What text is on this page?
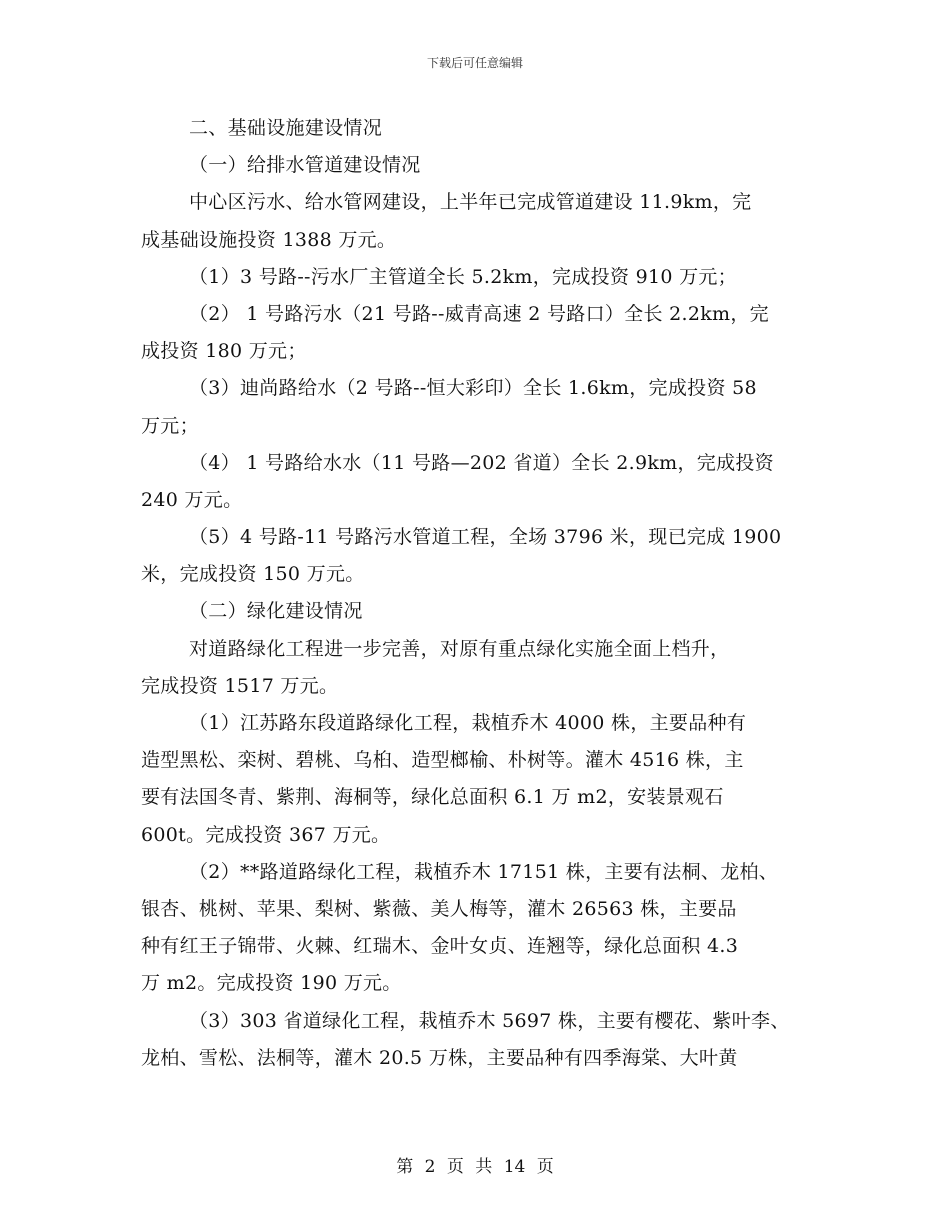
下载后可任意编辑
二、基础设施建设情况
（一）给排水管道建设情况
中心区污水、给水管网建设，上半年已完成管道建设 11.9km，完
成基础设施投资 1388 万元。
（1）3 号路--污水厂主管道全长 5.2km，完成投资 910 万元；
（2） 1 号路污水（21 号路--威青高速 2 号路口）全长 2.2km，完
成投资 180 万元；
（3）迪尚路给水（2 号路--恒大彩印）全长 1.6km，完成投资 58
万元；
（4） 1 号路给水水（11 号路—202 省道）全长 2.9km，完成投资
240 万元。
（5）4 号路-11 号路污水管道工程，全场 3796 米，现已完成 1900
米，完成投资 150 万元。
（二）绿化建设情况
对道路绿化工程进一步完善，对原有重点绿化实施全面上档升，
完成投资 1517 万元。
（1）江苏路东段道路绿化工程，栽植乔木 4000 株，主要品种有
造型黑松、栾树、碧桃、乌桕、造型榔榆、朴树等。灌木 4516 株，主
要有法国冬青、紫荆、海桐等，绿化总面积 6.1 万 m2，安装景观石
600t。完成投资 367 万元。
（2）**路道路绿化工程，栽植乔木 17151 株，主要有法桐、龙柏、
银杏、桃树、苹果、梨树、紫薇、美人梅等，灌木 26563 株，主要品
种有红王子锦带、火棘、红瑞木、金叶女贞、连翘等，绿化总面积 4.3
万 m2。完成投资 190 万元。
（3）303 省道绿化工程，栽植乔木 5697 株，主要有樱花、紫叶李、
龙柏、雪松、法桐等，灌木 20.5 万株，主要品种有四季海棠、大叶黄
第 2 页 共 14 页
